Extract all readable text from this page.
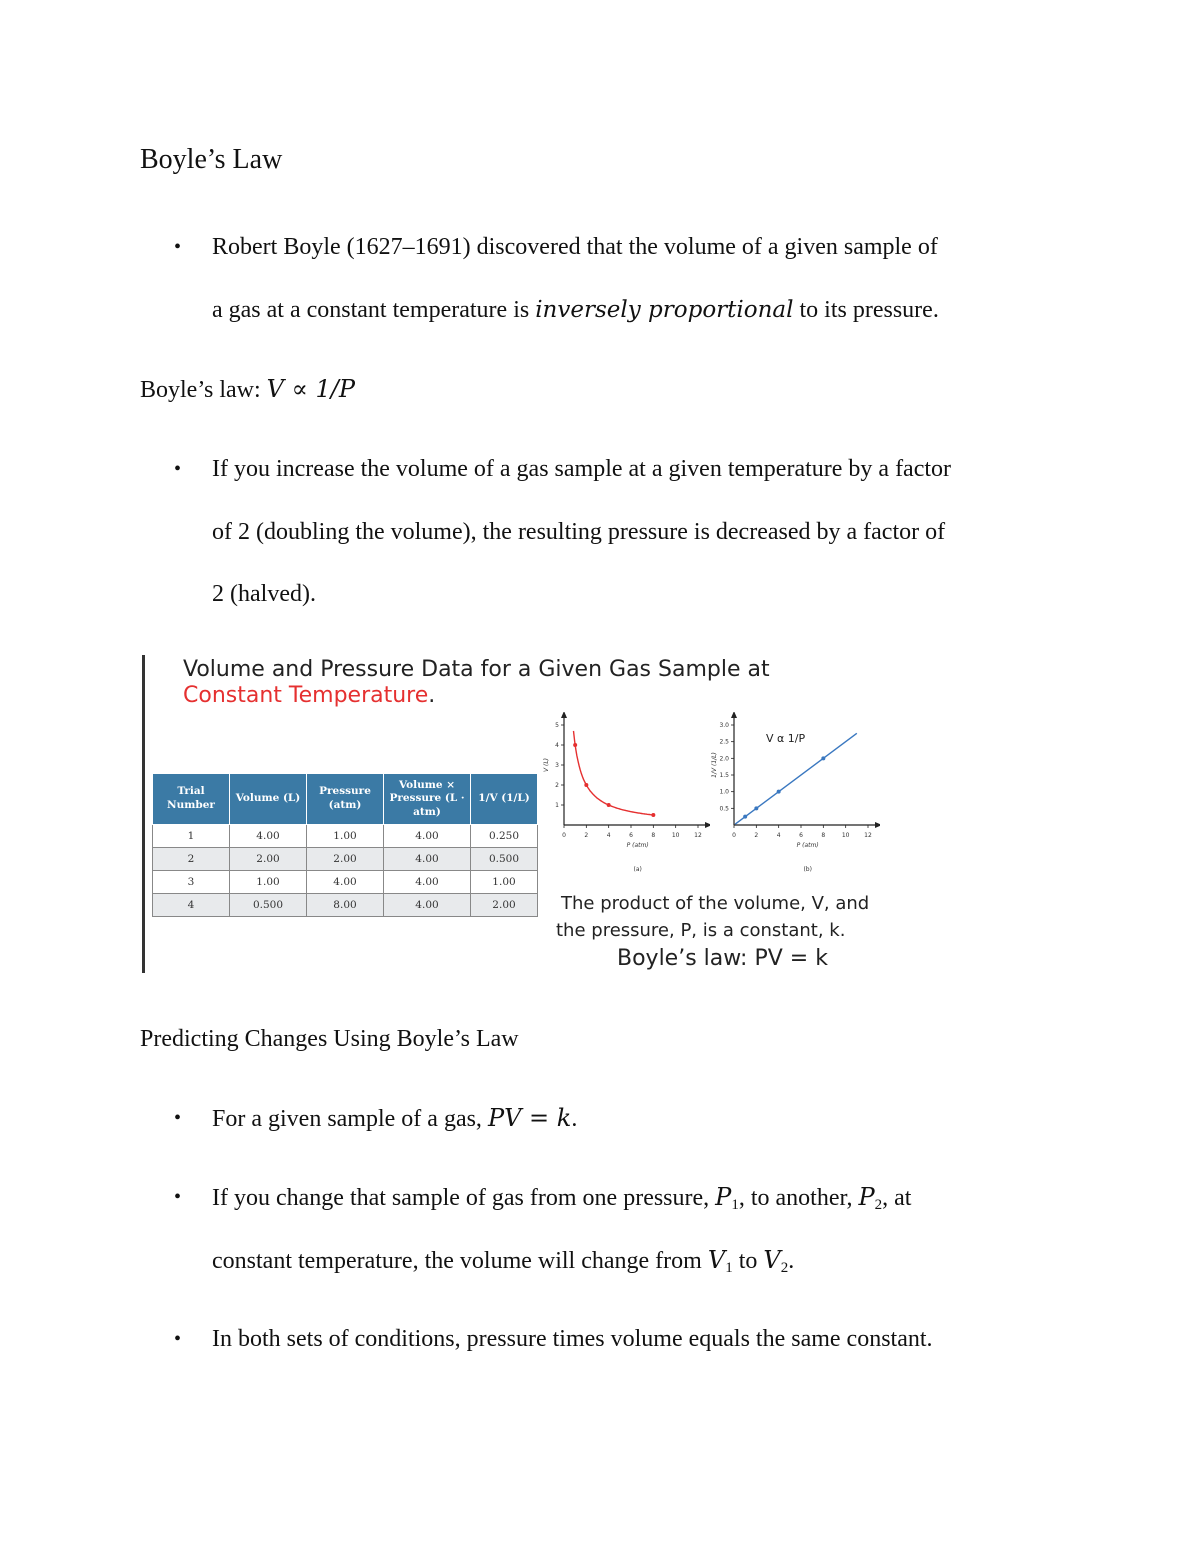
Boyle’s Law
• Robert Boyle (1627–1691) discovered that the volume of a given sample of
a gas at a constant temperature is inversely proportional to its pressure.
Boyle’s law: V ∝ 1/P
• If you increase the volume of a gas sample at a given temperature by a factor
of 2 (doubling the volume), the resulting pressure is decreased by a factor of
2 (halved).
Volume and Pressure Data for a Given Gas Sample at
Constant Temperature.
Trial Number	Volume (L)	Pressure (atm)	Volume × Pressure (L · atm)	1/V (1/L)
1	4.00	1.00	4.00	0.250
2	2.00	2.00	4.00	0.500
3	1.00	4.00	4.00	1.00
4	0.500	8.00	4.00	2.00
0	2	4	6	8	10 12
1
2
3
4
5
P (atm)
V (L)
(a)
0	2	4	6	8	10 12
0.5
1.0
1.5
2.0
2.5
3.0
P (atm)
1/V (1/L)
(b)
V α 1/P
The product of the volume, V, and
the pressure, P, is a constant, k.
Boyle’s law: PV = k
Predicting Changes Using Boyle’s Law
• For a given sample of a gas, PV = k.
• If you change that sample of gas from one pressure, $P_1$, to another, $P_2$, at
constant temperature, the volume will change from $V_1$ to $V_2$.
• In both sets of conditions, pressure times volume equals the same constant.
